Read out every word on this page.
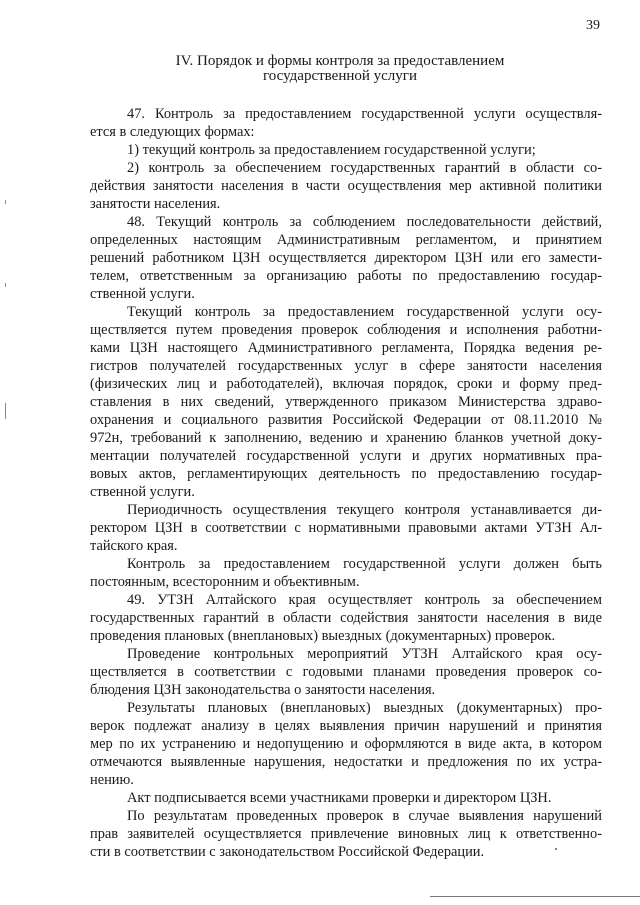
39
IV. Порядок и формы контроля за предоставлением
государственной услуги
47. Контроль за предоставлением государственной услуги осуществля-
ется в следующих формах:
1) текущий контроль за предоставлением государственной услуги;
2) контроль за обеспечением государственных гарантий в области со-
действия занятости населения в части осуществления мер активной политики
занятости населения.
48. Текущий контроль за соблюдением последовательности действий,
определенных настоящим Административным регламентом, и принятием
решений работником ЦЗН осуществляется директором ЦЗН или его замести-
телем, ответственным за организацию работы по предоставлению государ-
ственной услуги.
Текущий контроль за предоставлением государственной услуги осу-
ществляется путем проведения проверок соблюдения и исполнения работни-
ками ЦЗН настоящего Административного регламента, Порядка ведения ре-
гистров получателей государственных услуг в сфере занятости населения
(физических лиц и работодателей), включая порядок, сроки и форму пред-
ставления в них сведений, утвержденного приказом Министерства здраво-
охранения и социального развития Российской Федерации от 08.11.2010 №
972н, требований к заполнению, ведению и хранению бланков учетной доку-
ментации получателей государственной услуги и других нормативных пра-
вовых актов, регламентирующих деятельность по предоставлению государ-
ственной услуги.
Периодичность осуществления текущего контроля устанавливается ди-
ректором ЦЗН в соответствии с нормативными правовыми актами УТЗН Ал-
тайского края.
Контроль за предоставлением государственной услуги должен быть
постоянным, всесторонним и объективным.
49. УТЗН Алтайского края осуществляет контроль за обеспечением
государственных гарантий в области содействия занятости населения в виде
проведения плановых (внеплановых) выездных (документарных) проверок.
Проведение контрольных мероприятий УТЗН Алтайского края осу-
ществляется в соответствии с годовыми планами проведения проверок со-
блюдения ЦЗН законодательства о занятости населения.
Результаты плановых (внеплановых) выездных (документарных) про-
верок подлежат анализу в целях выявления причин нарушений и принятия
мер по их устранению и недопущению и оформляются в виде акта, в котором
отмечаются выявленные нарушения, недостатки и предложения по их устра-
нению.
Акт подписывается всеми участниками проверки и директором ЦЗН.
По результатам проведенных проверок в случае выявления нарушений
прав заявителей осуществляется привлечение виновных лиц к ответственно-
сти в соответствии с законодательством Российской Федерации.
